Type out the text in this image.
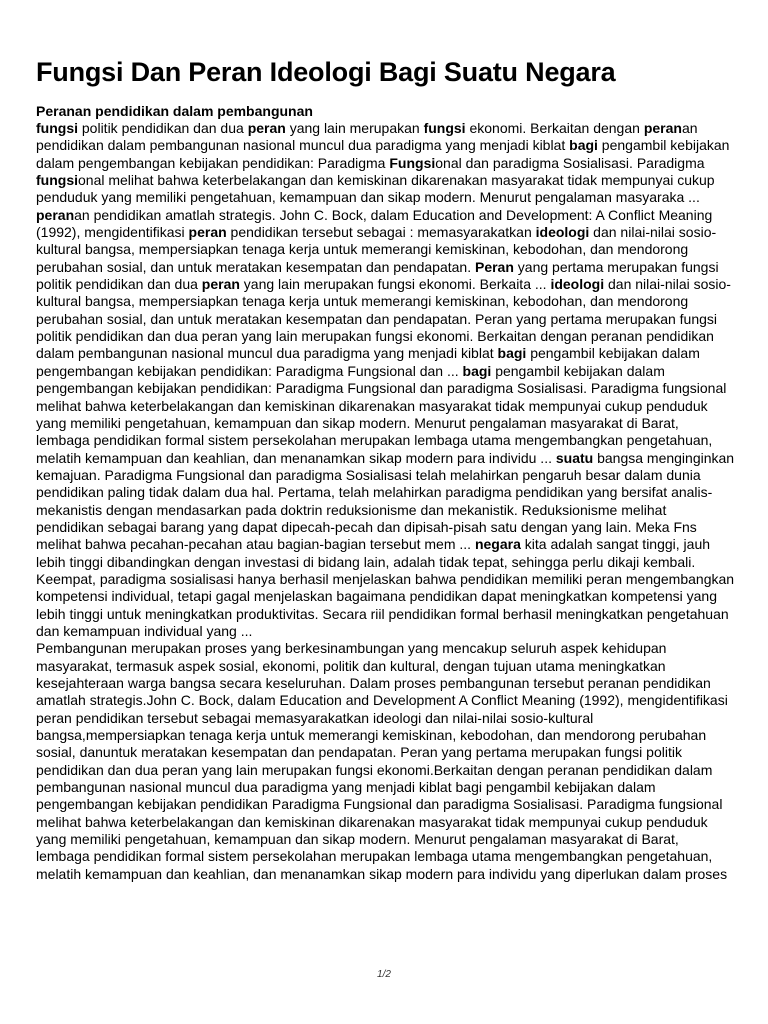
Fungsi Dan Peran Ideologi Bagi Suatu Negara
Peranan pendidikan dalam pembangunan

fungsi politik pendidikan dan dua peran yang lain merupakan fungsi ekonomi. Berkaitan dengan peranan pendidikan dalam pembangunan nasional muncul dua paradigma yang menjadi kiblat bagi pengambil kebijakan dalam pengembangan kebijakan pendidikan: Paradigma Fungsional dan paradigma Sosialisasi. Paradigma fungsional melihat bahwa keterbelakangan dan kemiskinan dikarenakan masyarakat tidak mempunyai cukup penduduk yang memiliki pengetahuan, kemampuan dan sikap modern. Menurut pengalaman masyaraka ... peranan pendidikan amatlah strategis. John C. Bock, dalam Education and Development: A Conflict Meaning (1992), mengidentifikasi peran pendidikan tersebut sebagai : memasyarakatkan ideologi dan nilai-nilai sosio-kultural bangsa, mempersiapkan tenaga kerja untuk memerangi kemiskinan, kebodohan, dan mendorong perubahan sosial, dan untuk meratakan kesempatan dan pendapatan. Peran yang pertama merupakan fungsi politik pendidikan dan dua peran yang lain merupakan fungsi ekonomi. Berkaita ... ideologi dan nilai-nilai sosio-kultural bangsa, mempersiapkan tenaga kerja untuk memerangi kemiskinan, kebodohan, dan mendorong perubahan sosial, dan untuk meratakan kesempatan dan pendapatan. Peran yang pertama merupakan fungsi politik pendidikan dan dua peran yang lain merupakan fungsi ekonomi. Berkaitan dengan peranan pendidikan dalam pembangunan nasional muncul dua paradigma yang menjadi kiblat bagi pengambil kebijakan dalam pengembangan kebijakan pendidikan: Paradigma Fungsional dan ... bagi pengambil kebijakan dalam pengembangan kebijakan pendidikan: Paradigma Fungsional dan paradigma Sosialisasi. Paradigma fungsional melihat bahwa keterbelakangan dan kemiskinan dikarenakan masyarakat tidak mempunyai cukup penduduk yang memiliki pengetahuan, kemampuan dan sikap modern. Menurut pengalaman masyarakat di Barat, lembaga pendidikan formal sistem persekolahan merupakan lembaga utama mengembangkan pengetahuan, melatih kemampuan dan keahlian, dan menanamkan sikap modern para individu ... suatu bangsa menginginkan kemajuan. Paradigma Fungsional dan paradigma Sosialisasi telah melahirkan pengaruh besar dalam dunia pendidikan paling tidak dalam dua hal. Pertama, telah melahirkan paradigma pendidikan yang bersifat analis-mekanistis dengan mendasarkan pada doktrin reduksionisme dan mekanistik. Reduksionisme melihat pendidikan sebagai barang yang dapat dipecah-pecah dan dipisah-pisah satu dengan yang lain. Meka Fns melihat bahwa pecahan-pecahan atau bagian-bagian tersebut mem ... negara kita adalah sangat tinggi, jauh lebih tinggi dibandingkan dengan investasi di bidang lain, adalah tidak tepat, sehingga perlu dikaji kembali. Keempat, paradigma sosialisasi hanya berhasil menjelaskan bahwa pendidikan memiliki peran mengembangkan kompetensi individual, tetapi gagal menjelaskan bagaimana pendidikan dapat meningkatkan kompetensi yang lebih tinggi untuk meningkatkan produktivitas. Secara riil pendidikan formal berhasil meningkatkan pengetahuan dan kemampuan individual yang ...

Pembangunan merupakan proses yang berkesinambungan yang mencakup seluruh aspek kehidupan masyarakat, termasuk aspek sosial, ekonomi, politik dan kultural, dengan tujuan utama meningkatkan kesejahteraan warga bangsa secara keseluruhan. Dalam proses pembangunan tersebut peranan pendidikan amatlah strategis.John C. Bock, dalam Education and Development A Conflict Meaning (1992), mengidentifikasi peran pendidikan tersebut sebagai memasyarakatkan ideologi dan nilai-nilai sosio-kultural bangsa,mempersiapkan tenaga kerja untuk memerangi kemiskinan, kebodohan, dan mendorong perubahan sosial, danuntuk meratakan kesempatan dan pendapatan. Peran yang pertama merupakan fungsi politik pendidikan dan dua peran yang lain merupakan fungsi ekonomi.Berkaitan dengan peranan pendidikan dalam pembangunan nasional muncul dua paradigma yang menjadi kiblat bagi pengambil kebijakan dalam pengembangan kebijakan pendidikan Paradigma Fungsional dan paradigma Sosialisasi. Paradigma fungsional melihat bahwa keterbelakangan dan kemiskinan dikarenakan masyarakat tidak mempunyai cukup penduduk yang memiliki pengetahuan, kemampuan dan sikap modern. Menurut pengalaman masyarakat di Barat, lembaga pendidikan formal sistem persekolahan merupakan lembaga utama mengembangkan pengetahuan, melatih kemampuan dan keahlian, dan menanamkan sikap modern para individu yang diperlukan dalam proses

1/2
